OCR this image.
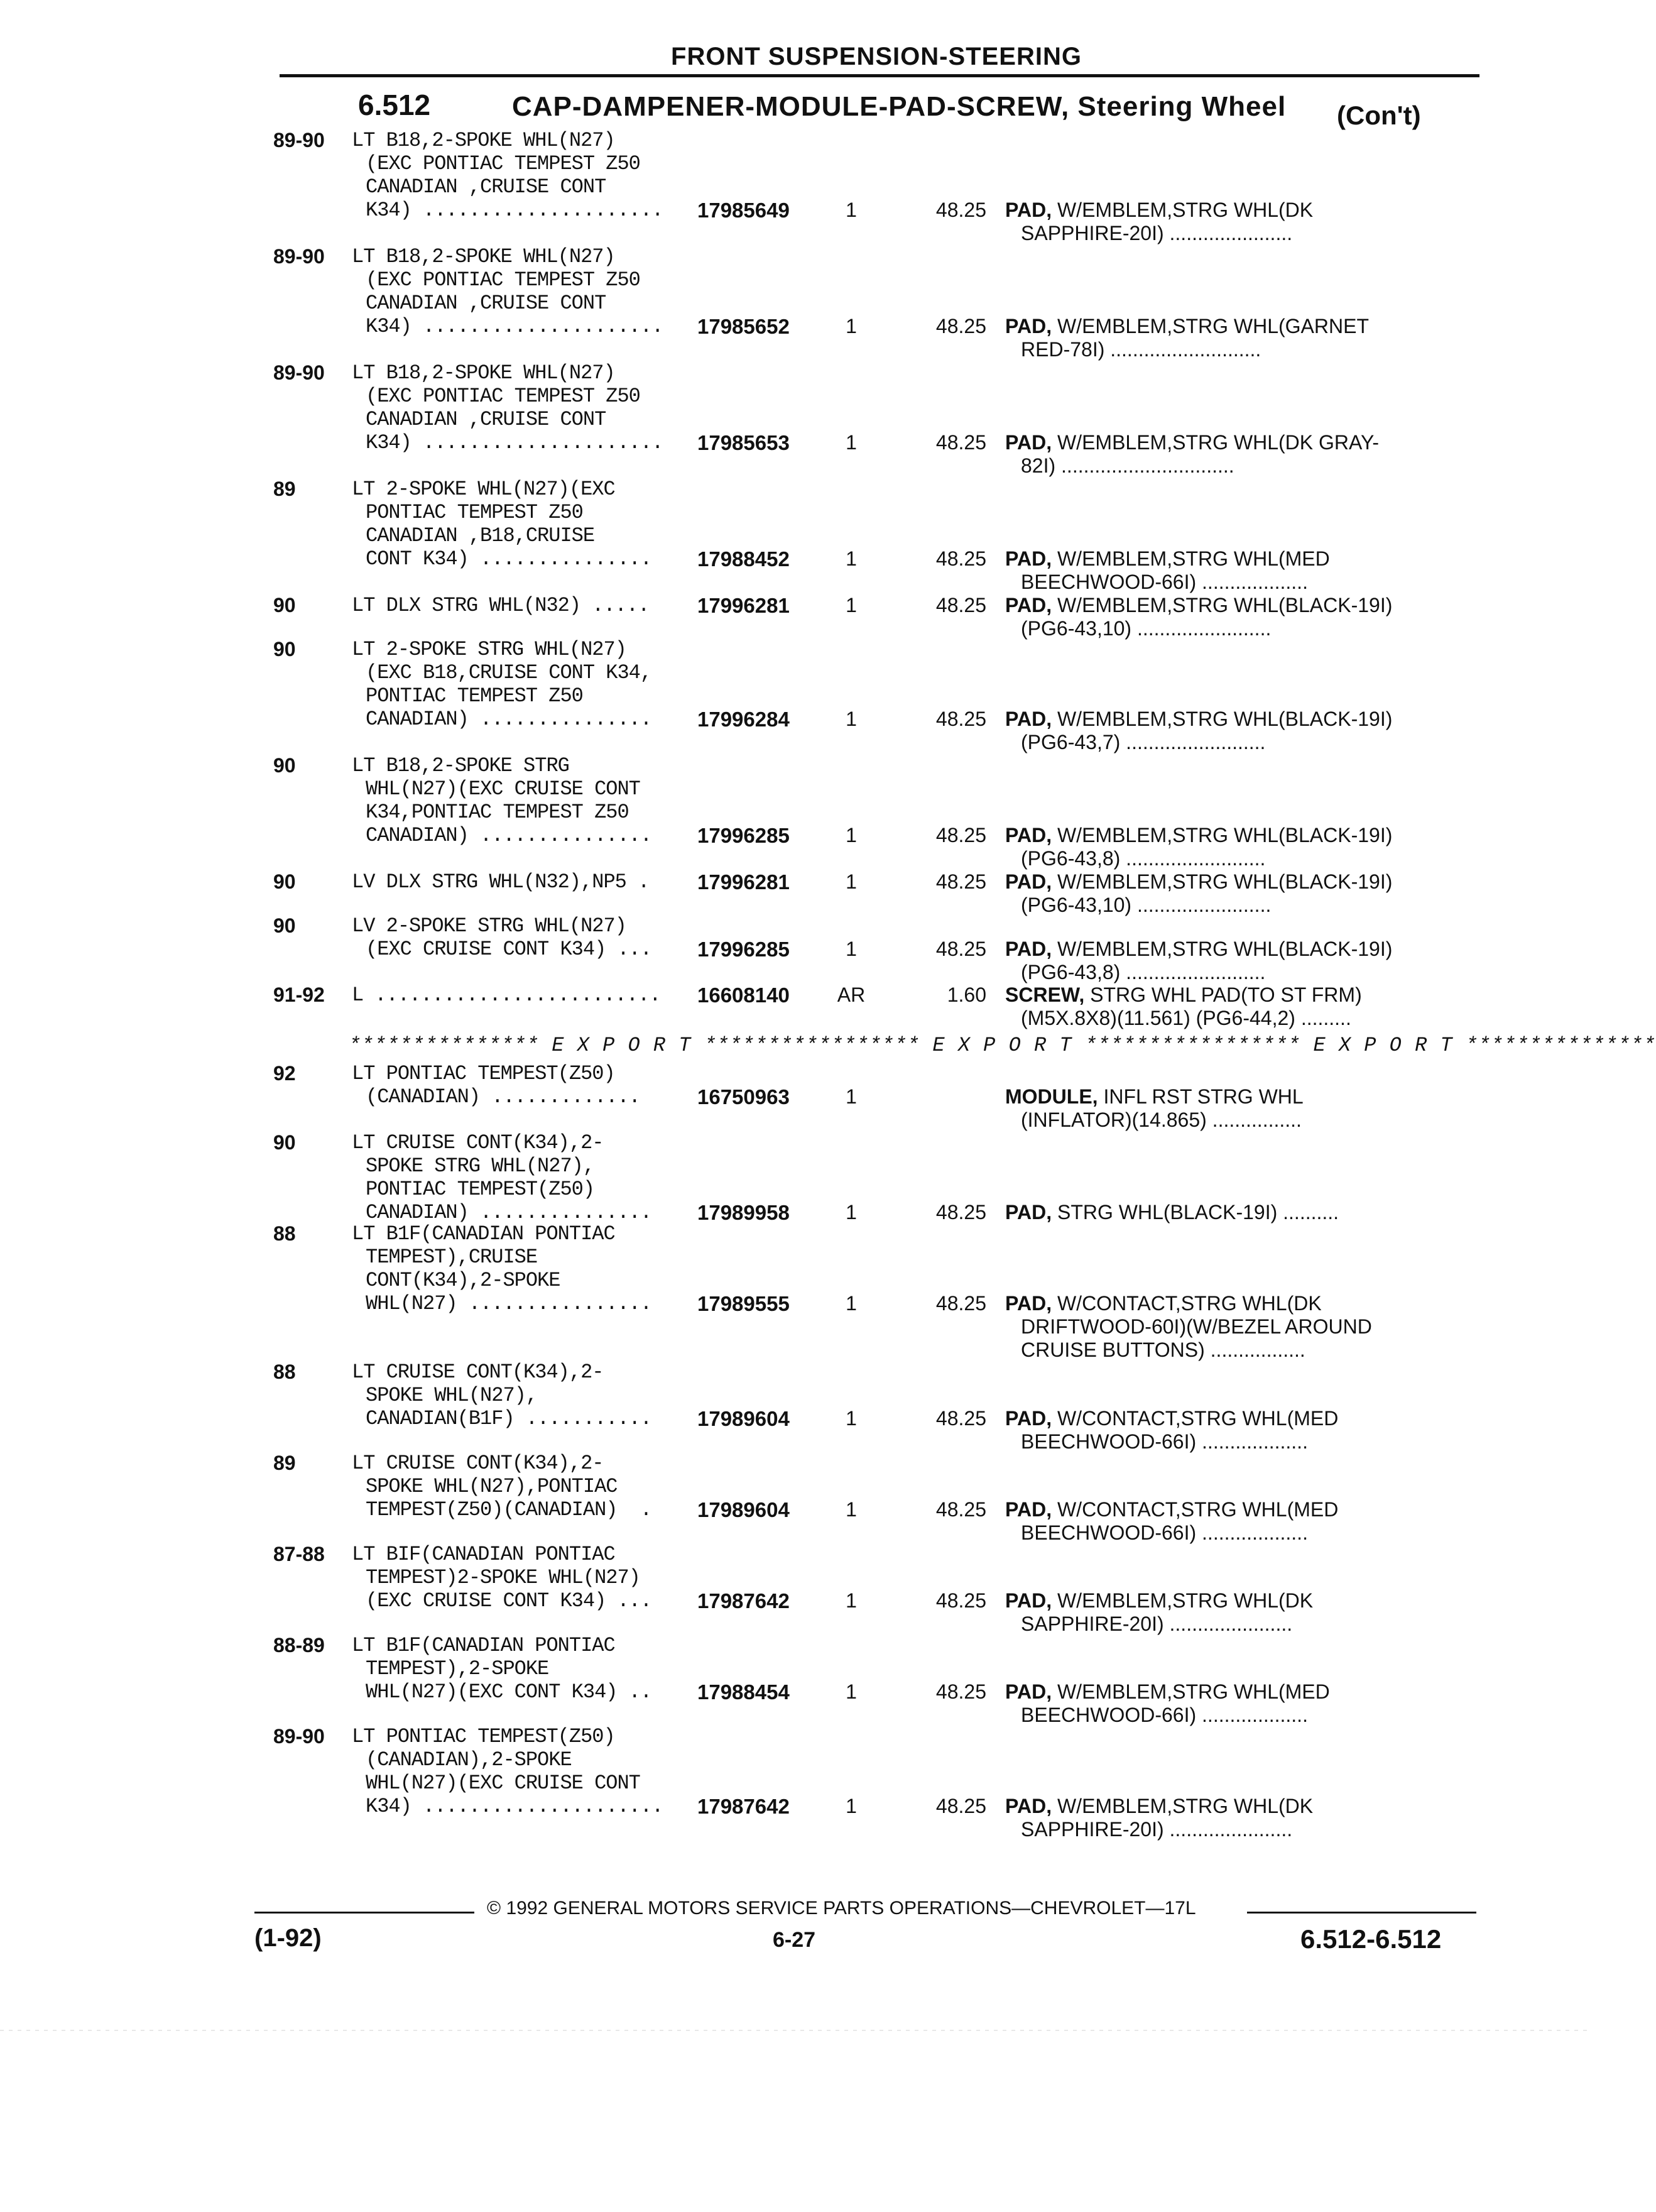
FRONT SUSPENSION-STEERING
6.512	CAP-DAMPENER-MODULE-PAD-SCREW, Steering Wheel (Con't)
89-90 LT B18,2-SPOKE WHL(N27)
(EXC PONTIAC TEMPEST Z50
CANADIAN ,CRUISE CONT
K34) .....................	17985649	1	48.25 PAD, W/EMBLEM,STRG WHL(DK
SAPPHIRE-20I) ......................
89-90 LT B18,2-SPOKE WHL(N27)
(EXC PONTIAC TEMPEST Z50
CANADIAN ,CRUISE CONT
K34) .....................	17985652	1	48.25 PAD, W/EMBLEM,STRG WHL(GARNET
RED-78I) ...........................
89-90 LT B18,2-SPOKE WHL(N27)
(EXC PONTIAC TEMPEST Z50
CANADIAN ,CRUISE CONT
K34) .....................	17985653	1	48.25 PAD, W/EMBLEM,STRG WHL(DK GRAY-
82I) ...............................
89	LT 2-SPOKE WHL(N27)(EXC
PONTIAC TEMPEST Z50
CANADIAN ,B18,CRUISE
CONT K34) ...............	17988452	1	48.25 PAD, W/EMBLEM,STRG WHL(MED
BEECHWOOD-66I) ...................
90	LT DLX STRG WHL(N32) .....	17996281	1	48.25 PAD, W/EMBLEM,STRG WHL(BLACK-19I)
(PG6-43,10) ........................
90	LT 2-SPOKE STRG WHL(N27)
(EXC B18,CRUISE CONT K34,
PONTIAC TEMPEST Z50
CANADIAN) ...............	17996284	1	48.25 PAD, W/EMBLEM,STRG WHL(BLACK-19I)
(PG6-43,7) .........................
90	LT B18,2-SPOKE STRG
WHL(N27)(EXC CRUISE CONT
K34,PONTIAC TEMPEST Z50
CANADIAN) ...............	17996285	1	48.25 PAD, W/EMBLEM,STRG WHL(BLACK-19I)
(PG6-43,8) .........................
90	LV DLX STRG WHL(N32),NP5 .	17996281	1	48.25 PAD, W/EMBLEM,STRG WHL(BLACK-19I)
(PG6-43,10) ........................
90	LV 2-SPOKE STRG WHL(N27)
(EXC CRUISE CONT K34) ...	17996285	1	48.25 PAD, W/EMBLEM,STRG WHL(BLACK-19I)
(PG6-43,8) .........................
91-92 L .........................	16608140	AR	1.60 SCREW, STRG WHL PAD(TO ST FRM)
(M5X.8X8)(11.561) (PG6-44,2) .........
92	LT PONTIAC TEMPEST(Z50)
(CANADIAN) .............	16750963	1	MODULE, INFL RST STRG WHL
(INFLATOR)(14.865) ................
90	LT CRUISE CONT(K34),2-
SPOKE STRG WHL(N27),
PONTIAC TEMPEST(Z50)
CANADIAN) ...............	17989958	1	48.25 PAD, STRG WHL(BLACK-19I) ..........
88	LT B1F(CANADIAN PONTIAC
TEMPEST),CRUISE
CONT(K34),2-SPOKE
WHL(N27) ................	17989555	1	48.25 PAD, W/CONTACT,STRG WHL(DK
DRIFTWOOD-60I)(W/BEZEL AROUND
CRUISE BUTTONS) .................
88	LT CRUISE CONT(K34),2-
SPOKE WHL(N27),
CANADIAN(B1F) ...........	17989604	1	48.25 PAD, W/CONTACT,STRG WHL(MED
BEECHWOOD-66I) ...................
89	LT CRUISE CONT(K34),2-
SPOKE WHL(N27),PONTIAC
TEMPEST(Z50)(CANADIAN)  .	17989604	1	48.25 PAD, W/CONTACT,STRG WHL(MED
BEECHWOOD-66I) ...................
87-88 LT BIF(CANADIAN PONTIAC
TEMPEST)2-SPOKE WHL(N27)
(EXC CRUISE CONT K34) ...	17987642	1	48.25 PAD, W/EMBLEM,STRG WHL(DK
SAPPHIRE-20I) ......................
88-89 LT B1F(CANADIAN PONTIAC
TEMPEST),2-SPOKE
WHL(N27)(EXC CONT K34) ..	17988454	1	48.25 PAD, W/EMBLEM,STRG WHL(MED
BEECHWOOD-66I) ...................
89-90 LT PONTIAC TEMPEST(Z50)
(CANADIAN),2-SPOKE
WHL(N27)(EXC CRUISE CONT
K34) .....................	17987642	1	48.25 PAD, W/EMBLEM,STRG WHL(DK
SAPPHIRE-20I) ......................
*************** E X P O R T ***************** E X P O R T ***************** E X P O R T ***************
© 1992 GENERAL MOTORS SERVICE PARTS OPERATIONS—CHEVROLET—17L
(1-92)	6-27	6.512-6.512
